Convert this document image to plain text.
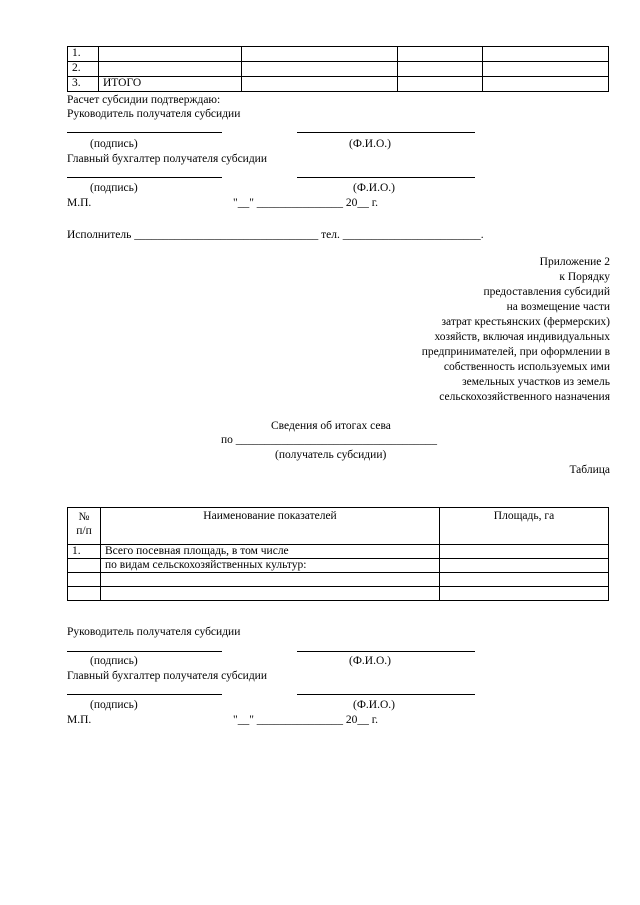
1.				
2.				
3.	ИТОГО			
Расчет субсидии подтверждаю:
Руководитель получателя субсидии
(подпись)	(Ф.И.О.)
Главный бухгалтер получателя субсидии
(подпись)	(Ф.И.О.)
М.П.	"__" _______________ 20__ г.
Исполнитель ________________________________ тел. ________________________.
Приложение 2
к Порядку
предоставления субсидий
на возмещение части
затрат крестьянских (фермерских)
хозяйств, включая индивидуальных
предпринимателей, при оформлении в
собственность используемых ими
земельных участков из земель
сельскохозяйственного назначения
Сведения об итогах сева
по ___________________________________
(получатель субсидии)
Таблица
№
п/п	Наименование показателей	Площадь, га
1.	Всего посевная площадь, в том числе	
	по видам сельскохозяйственных культур:	

Руководитель получателя субсидии
(подпись)	(Ф.И.О.)
Главный бухгалтер получателя субсидии
(подпись)	(Ф.И.О.)
М.П.	"__" _______________ 20__ г.
